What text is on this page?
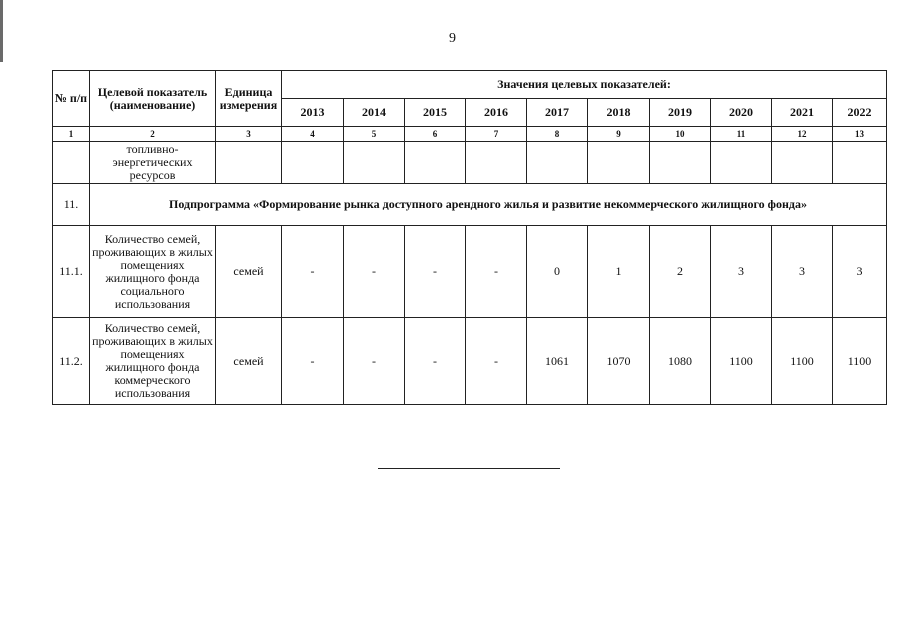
9
№ п/п	Целевой показатель (наименование)	Единица измерения	Значения целевых показателей:									
			2013	2014	2015	2016	2017	2018	2019	2020	2021	2022
1	2	3	4	5	6	7	8	9	10	11	12	13
	топливно-энергетических ресурсов											
11.	Подпрограмма «Формирование рынка доступного арендного жилья и развитие некоммерческого жилищного фонда»											
11.1.	Количество семей, проживающих в жилых помещениях жилищного фонда социального использования	семей	-	-	-	-	0	1	2	3	3	3
11.2.	Количество семей, проживающих в жилых помещениях жилищного фонда коммерческого использования	семей	-	-	-	-	1061	1070	1080	1100	1100	1100
